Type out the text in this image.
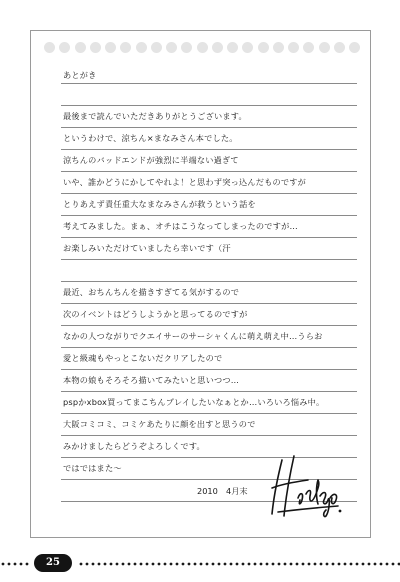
あとがき
最後まで読んでいただきありがとうございます。
というわけで、涼ちん×まなみさん本でした。
涼ちんのバッドエンドが強烈に半端ない過ぎて
いや、誰かどうにかしてやれよ！と思わず突っ込んだものですが
とりあえず責任重大なまなみさんが救うという話を
考えてみました。まぁ、オチはこうなってしまったのですが…
お楽しみいただけていましたら幸いです（汗
最近、おちんちんを描きすぎてる気がするので
次のイベントはどうしようかと思ってるのですが
なかの人つながりでクエイサーのサーシャくんに萌え萌え中…うらお
愛と級魂もやっとこないだクリアしたので
本物の娘もそろそろ描いてみたいと思いつつ…
pspかxbox買ってまこちんプレイしたいなぁとか…いろいろ悩み中。
大阪コミコミ、コミケあたりに顔を出すと思うので
みかけましたらどうぞよろしくです。
ではではまた～
2010　4月末
25
